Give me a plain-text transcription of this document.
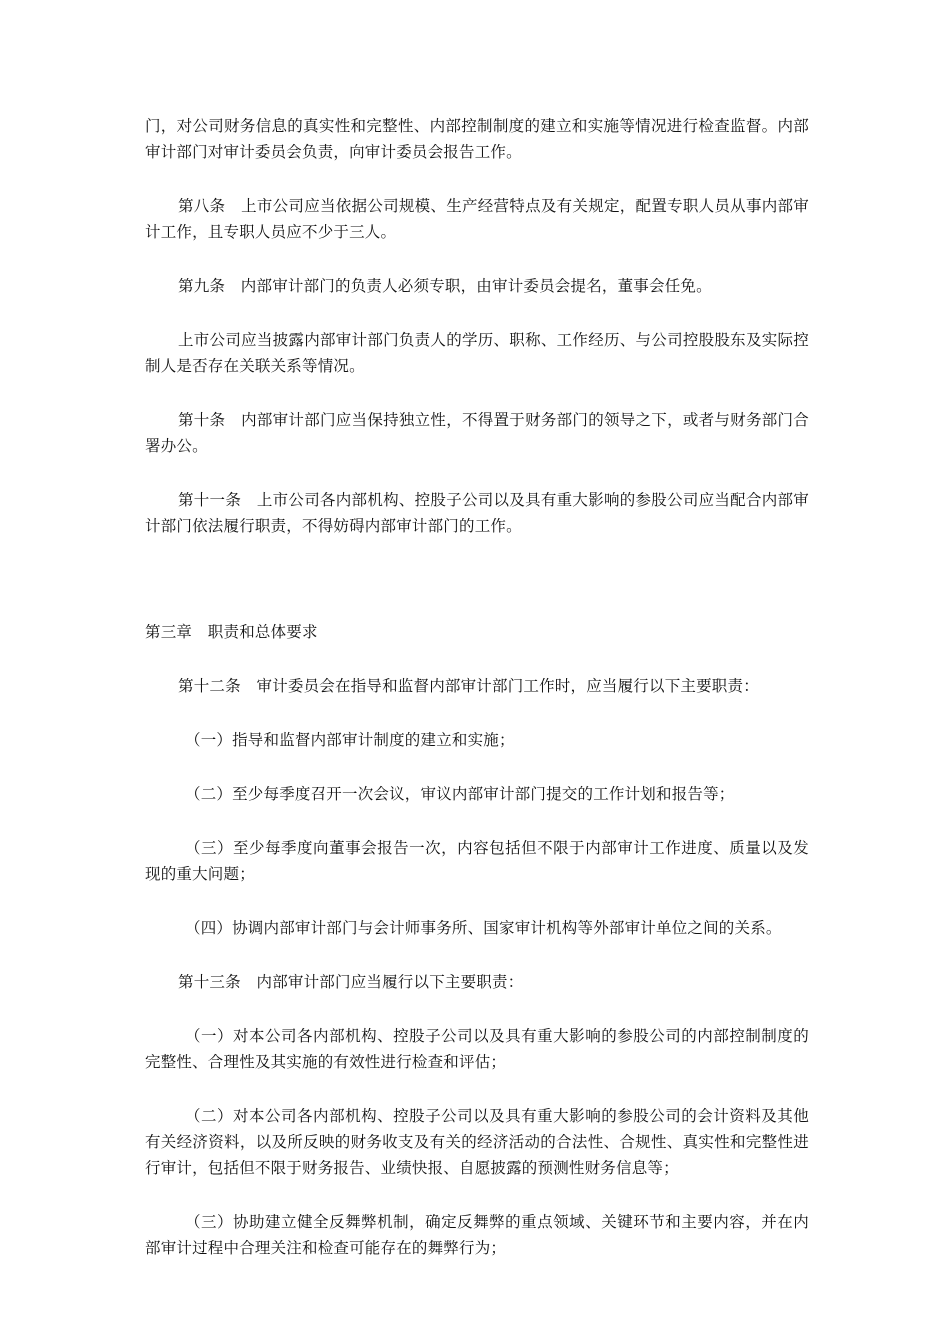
门，对公司财务信息的真实性和完整性、内部控制制度的建立和实施等情况进行检查监督。内部审计部门对审计委员会负责，向审计委员会报告工作。

第八条　上市公司应当依据公司规模、生产经营特点及有关规定，配置专职人员从事内部审计工作，且专职人员应不少于三人。

第九条　内部审计部门的负责人必须专职，由审计委员会提名，董事会任免。

上市公司应当披露内部审计部门负责人的学历、职称、工作经历、与公司控股股东及实际控制人是否存在关联关系等情况。

第十条　内部审计部门应当保持独立性，不得置于财务部门的领导之下，或者与财务部门合署办公。

第十一条　上市公司各内部机构、控股子公司以及具有重大影响的参股公司应当配合内部审计部门依法履行职责，不得妨碍内部审计部门的工作。

第三章　职责和总体要求

第十二条　审计委员会在指导和监督内部审计部门工作时，应当履行以下主要职责：

（一）指导和监督内部审计制度的建立和实施；

（二）至少每季度召开一次会议，审议内部审计部门提交的工作计划和报告等；

（三）至少每季度向董事会报告一次，内容包括但不限于内部审计工作进度、质量以及发现的重大问题；

（四）协调内部审计部门与会计师事务所、国家审计机构等外部审计单位之间的关系。

第十三条　内部审计部门应当履行以下主要职责：

（一）对本公司各内部机构、控股子公司以及具有重大影响的参股公司的内部控制制度的完整性、合理性及其实施的有效性进行检查和评估；

（二）对本公司各内部机构、控股子公司以及具有重大影响的参股公司的会计资料及其他有关经济资料，以及所反映的财务收支及有关的经济活动的合法性、合规性、真实性和完整性进行审计，包括但不限于财务报告、业绩快报、自愿披露的预测性财务信息等；

（三）协助建立健全反舞弊机制，确定反舞弊的重点领域、关键环节和主要内容，并在内部审计过程中合理关注和检查可能存在的舞弊行为；
